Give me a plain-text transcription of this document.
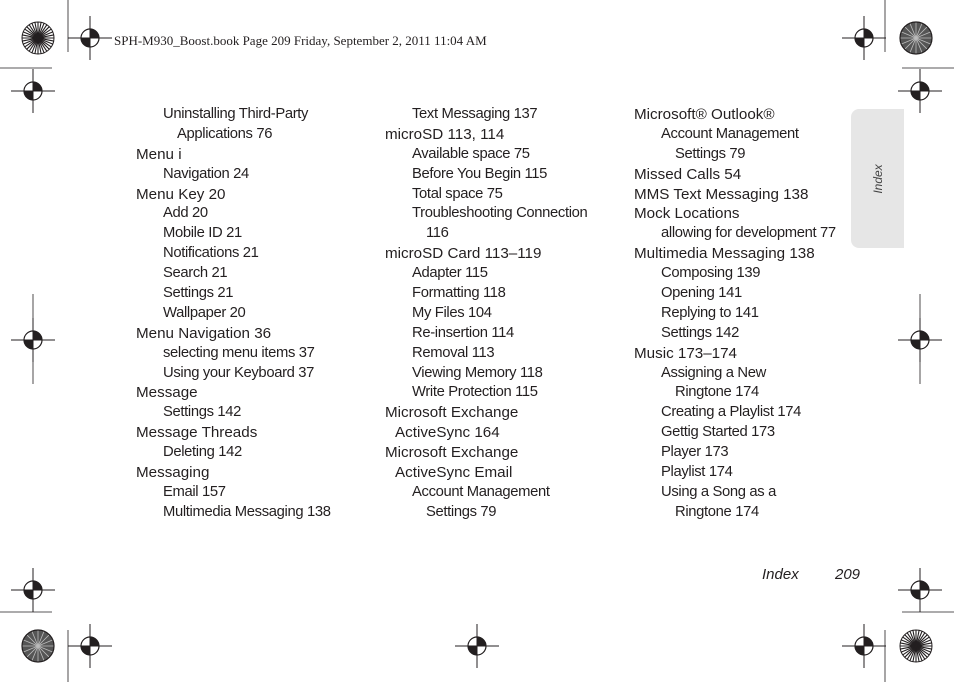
SPH-M930_Boost.book Page 209 Friday, September 2, 2011 11:04 AM
Index
Uninstalling Third-Party
Applications 76
Menu i
Navigation 24
Menu Key 20
Add 20
Mobile ID 21
Notifications 21
Search 21
Settings 21
Wallpaper 20
Menu Navigation 36
selecting menu items 37
Using your Keyboard 37
Message
Settings 142
Message Threads
Deleting 142
Messaging
Email 157
Multimedia Messaging 138
Text Messaging 137
microSD 113, 114
Available space 75
Before You Begin 115
Total space 75
Troubleshooting Connection
116
microSD Card 113–119
Adapter 115
Formatting 118
My Files 104
Re-insertion 114
Removal 113
Viewing Memory 118
Write Protection 115
Microsoft Exchange
ActiveSync 164
Microsoft Exchange
ActiveSync Email
Account Management
Settings 79
Microsoft® Outlook®
Account Management
Settings 79
Missed Calls 54
MMS Text Messaging 138
Mock Locations
allowing for development 77
Multimedia Messaging 138
Composing 139
Opening 141
Replying to 141
Settings 142
Music 173–174
Assigning a New
Ringtone 174
Creating a Playlist 174
Gettig Started 173
Player 173
Playlist 174
Using a Song as a
Ringtone 174
Index 209
